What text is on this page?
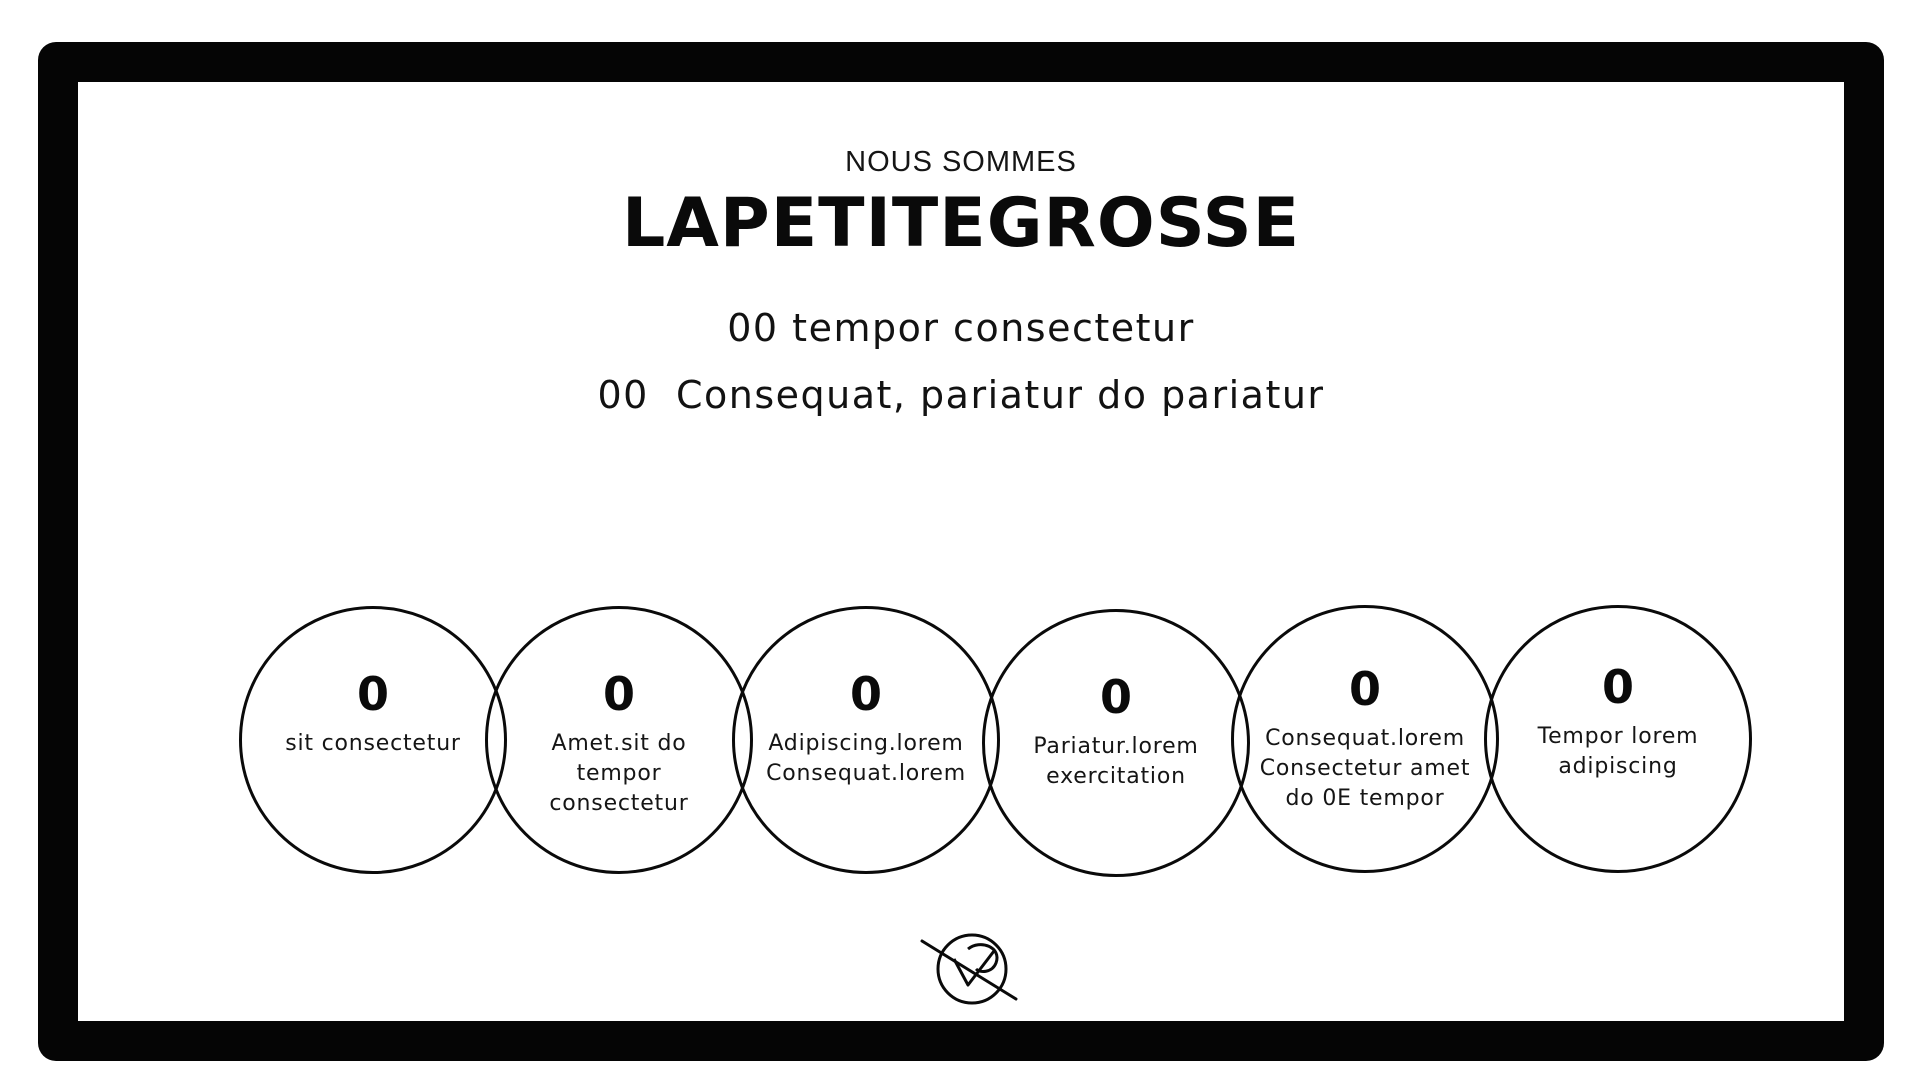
NOUS SOMMES
LAPETITEGROSSE
00 tempor consectetur
00  Consequat, pariatur do pariatur
0
sit consectetur
0
Amet.sit do tempor consectetur
0
Adipiscing.lorem Consequat.lorem
0
Pariatur.lorem exercitation
0
Consequat.lorem Consectetur amet do 0E tempor
0
Tempor lorem adipiscing
